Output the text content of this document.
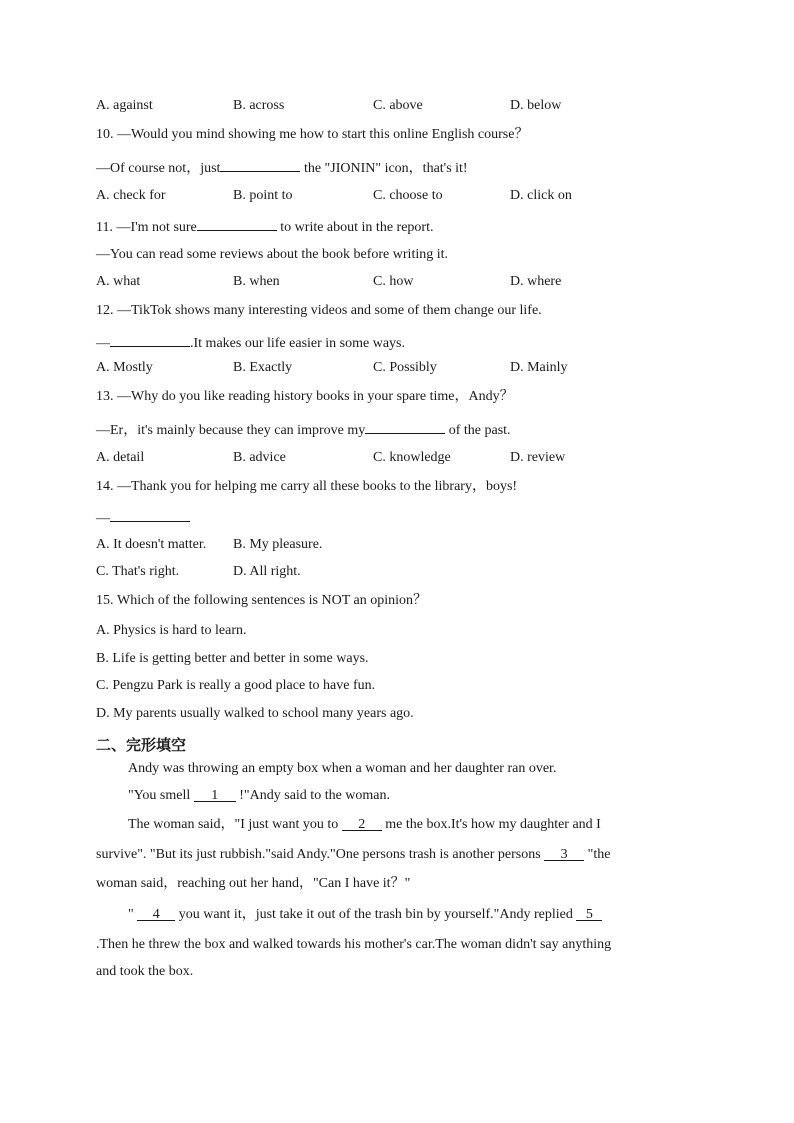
A. against	B. across	C. above	D. below
10. —Would you mind showing me how to start this online English course？
—Of course not，just	the "JIONIN" icon，that's it!
A. check for	B. point to	C. choose to	D. click on
11. —I'm not sure	to write about in the report.
—You can read some reviews about the book before writing it.
A. what	B. when	C. how	D. where
12. —TikTok shows many interesting videos and some of them change our life.
—	.It makes our life easier in some ways.
A. Mostly	B. Exactly	C. Possibly	D. Mainly
13. —Why do you like reading history books in your spare time，Andy？
—Er，it's mainly because they can improve my	of the past.
A. detail	B. advice	C. knowledge	D. review
14. —Thank you for helping me carry all these books to the library，boys!
—
A. It doesn't matter. B. My pleasure.
C. That's right.	D. All right.
15. Which of the following sentences is NOT an opinion？
A. Physics is hard to learn.
B. Life is getting better and better in some ways.
C. Pengzu Park is really a good place to have fun.
D. My parents usually walked to school many years ago.
二、完形填空
Andy was throwing an empty box when a woman and her daughter ran over.
"You smell 1 !"Andy said to the woman.
The woman said，"I just want you to 2 me the box.It's how my daughter and I
survive". "But its just rubbish."said Andy."One persons trash is another persons 3 "the
woman said，reaching out her hand，"Can I have it？"
" 4 you want it，just take it out of the trash bin by yourself."Andy replied 5
.Then he threw the box and walked towards his mother's car.The woman didn't say anything
and took the box.
